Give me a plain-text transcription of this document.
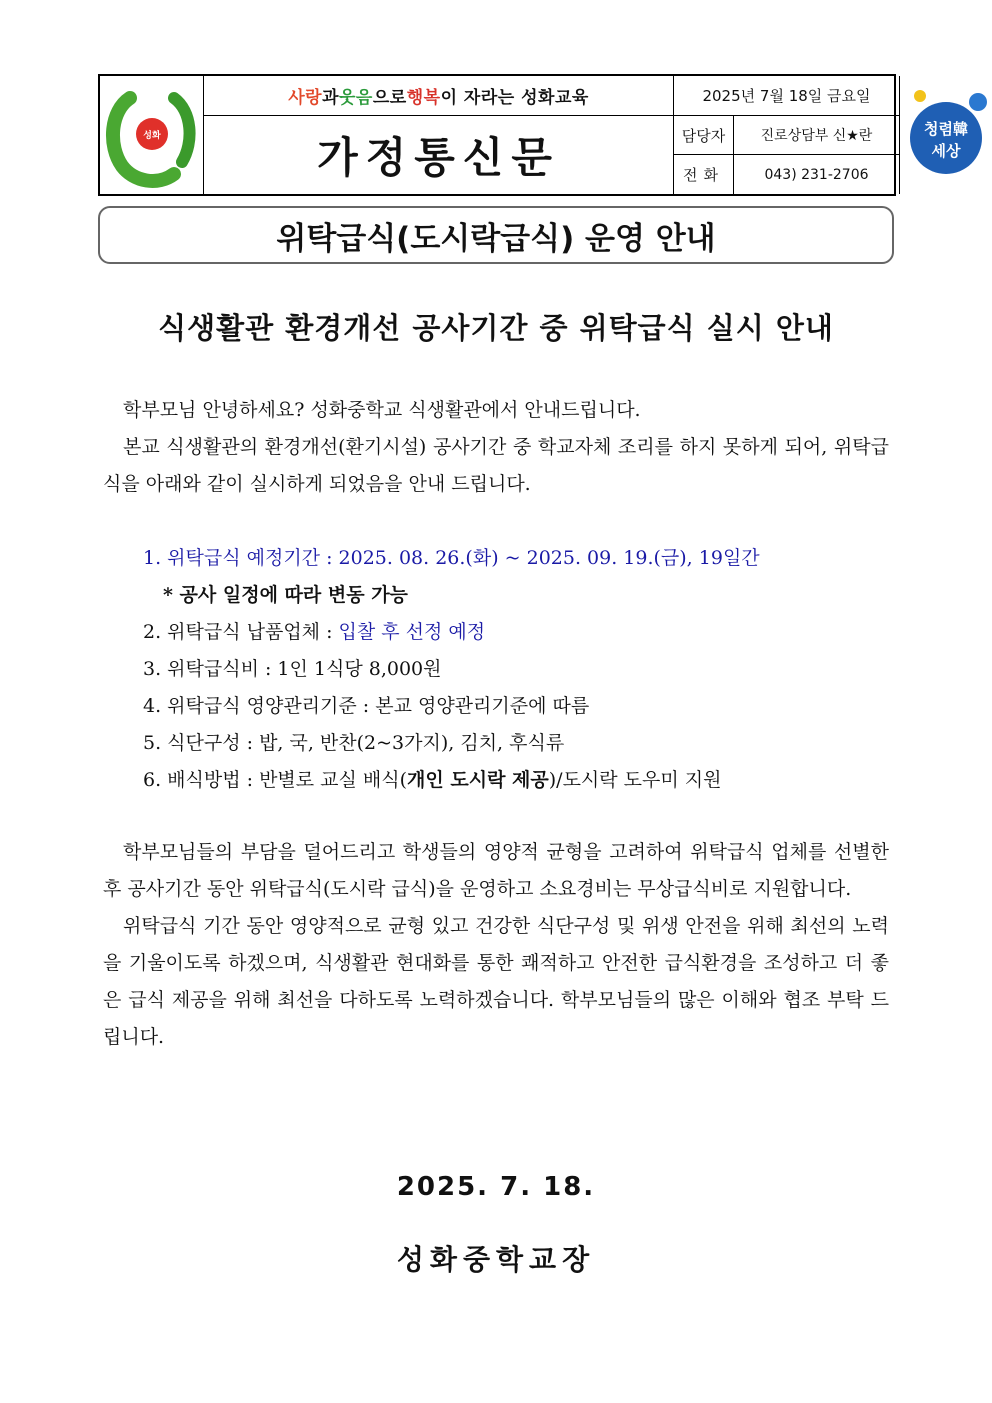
성화
사랑 과 웃음 으로 행복 이 자라는 성화교육	2025년 7월 18일 금요일
가정통신문	담당자	진로상담부 신★란
전화	043) 231-2706
청렴韓
세상
위탁급식(도시락급식) 운영 안내
식생활관 환경개선 공사기간 중 위탁급식 실시 안내
학부모님 안녕하세요? 성화중학교 식생활관에서 안내드립니다.
본교 식생활관의 환경개선(환기시설) 공사기간 중 학교자체 조리를 하지 못하게 되어, 위탁급식을 아래와 같이 실시하게 되었음을 안내 드립니다.
1. 위탁급식 예정기간 : 2025. 08. 26.(화) ~ 2025. 09. 19.(금), 19일간
* 공사 일정에 따라 변동 가능
2. 위탁급식 납품업체 : 입찰 후 선정 예정
3. 위탁급식비 : 1인 1식당 8,000원
4. 위탁급식 영양관리기준 : 본교 영양관리기준에 따름
5. 식단구성 : 밥, 국, 반찬(2~3가지), 김치, 후식류
6. 배식방법 : 반별로 교실 배식(개인 도시락 제공)/도시락 도우미 지원
학부모님들의 부담을 덜어드리고 학생들의 영양적 균형을 고려하여 위탁급식 업체를 선별한 후 공사기간 동안 위탁급식(도시락 급식)을 운영하고 소요경비는 무상급식비로 지원합니다.
위탁급식 기간 동안 영양적으로 균형 있고 건강한 식단구성 및 위생 안전을 위해 최선의 노력을 기울이도록 하겠으며, 식생활관 현대화를 통한 쾌적하고 안전한 급식환경을 조성하고 더 좋은 급식 제공을 위해 최선을 다하도록 노력하겠습니다. 학부모님들의 많은 이해와 협조 부탁 드립니다.
2025. 7. 18.
성화중학교장
